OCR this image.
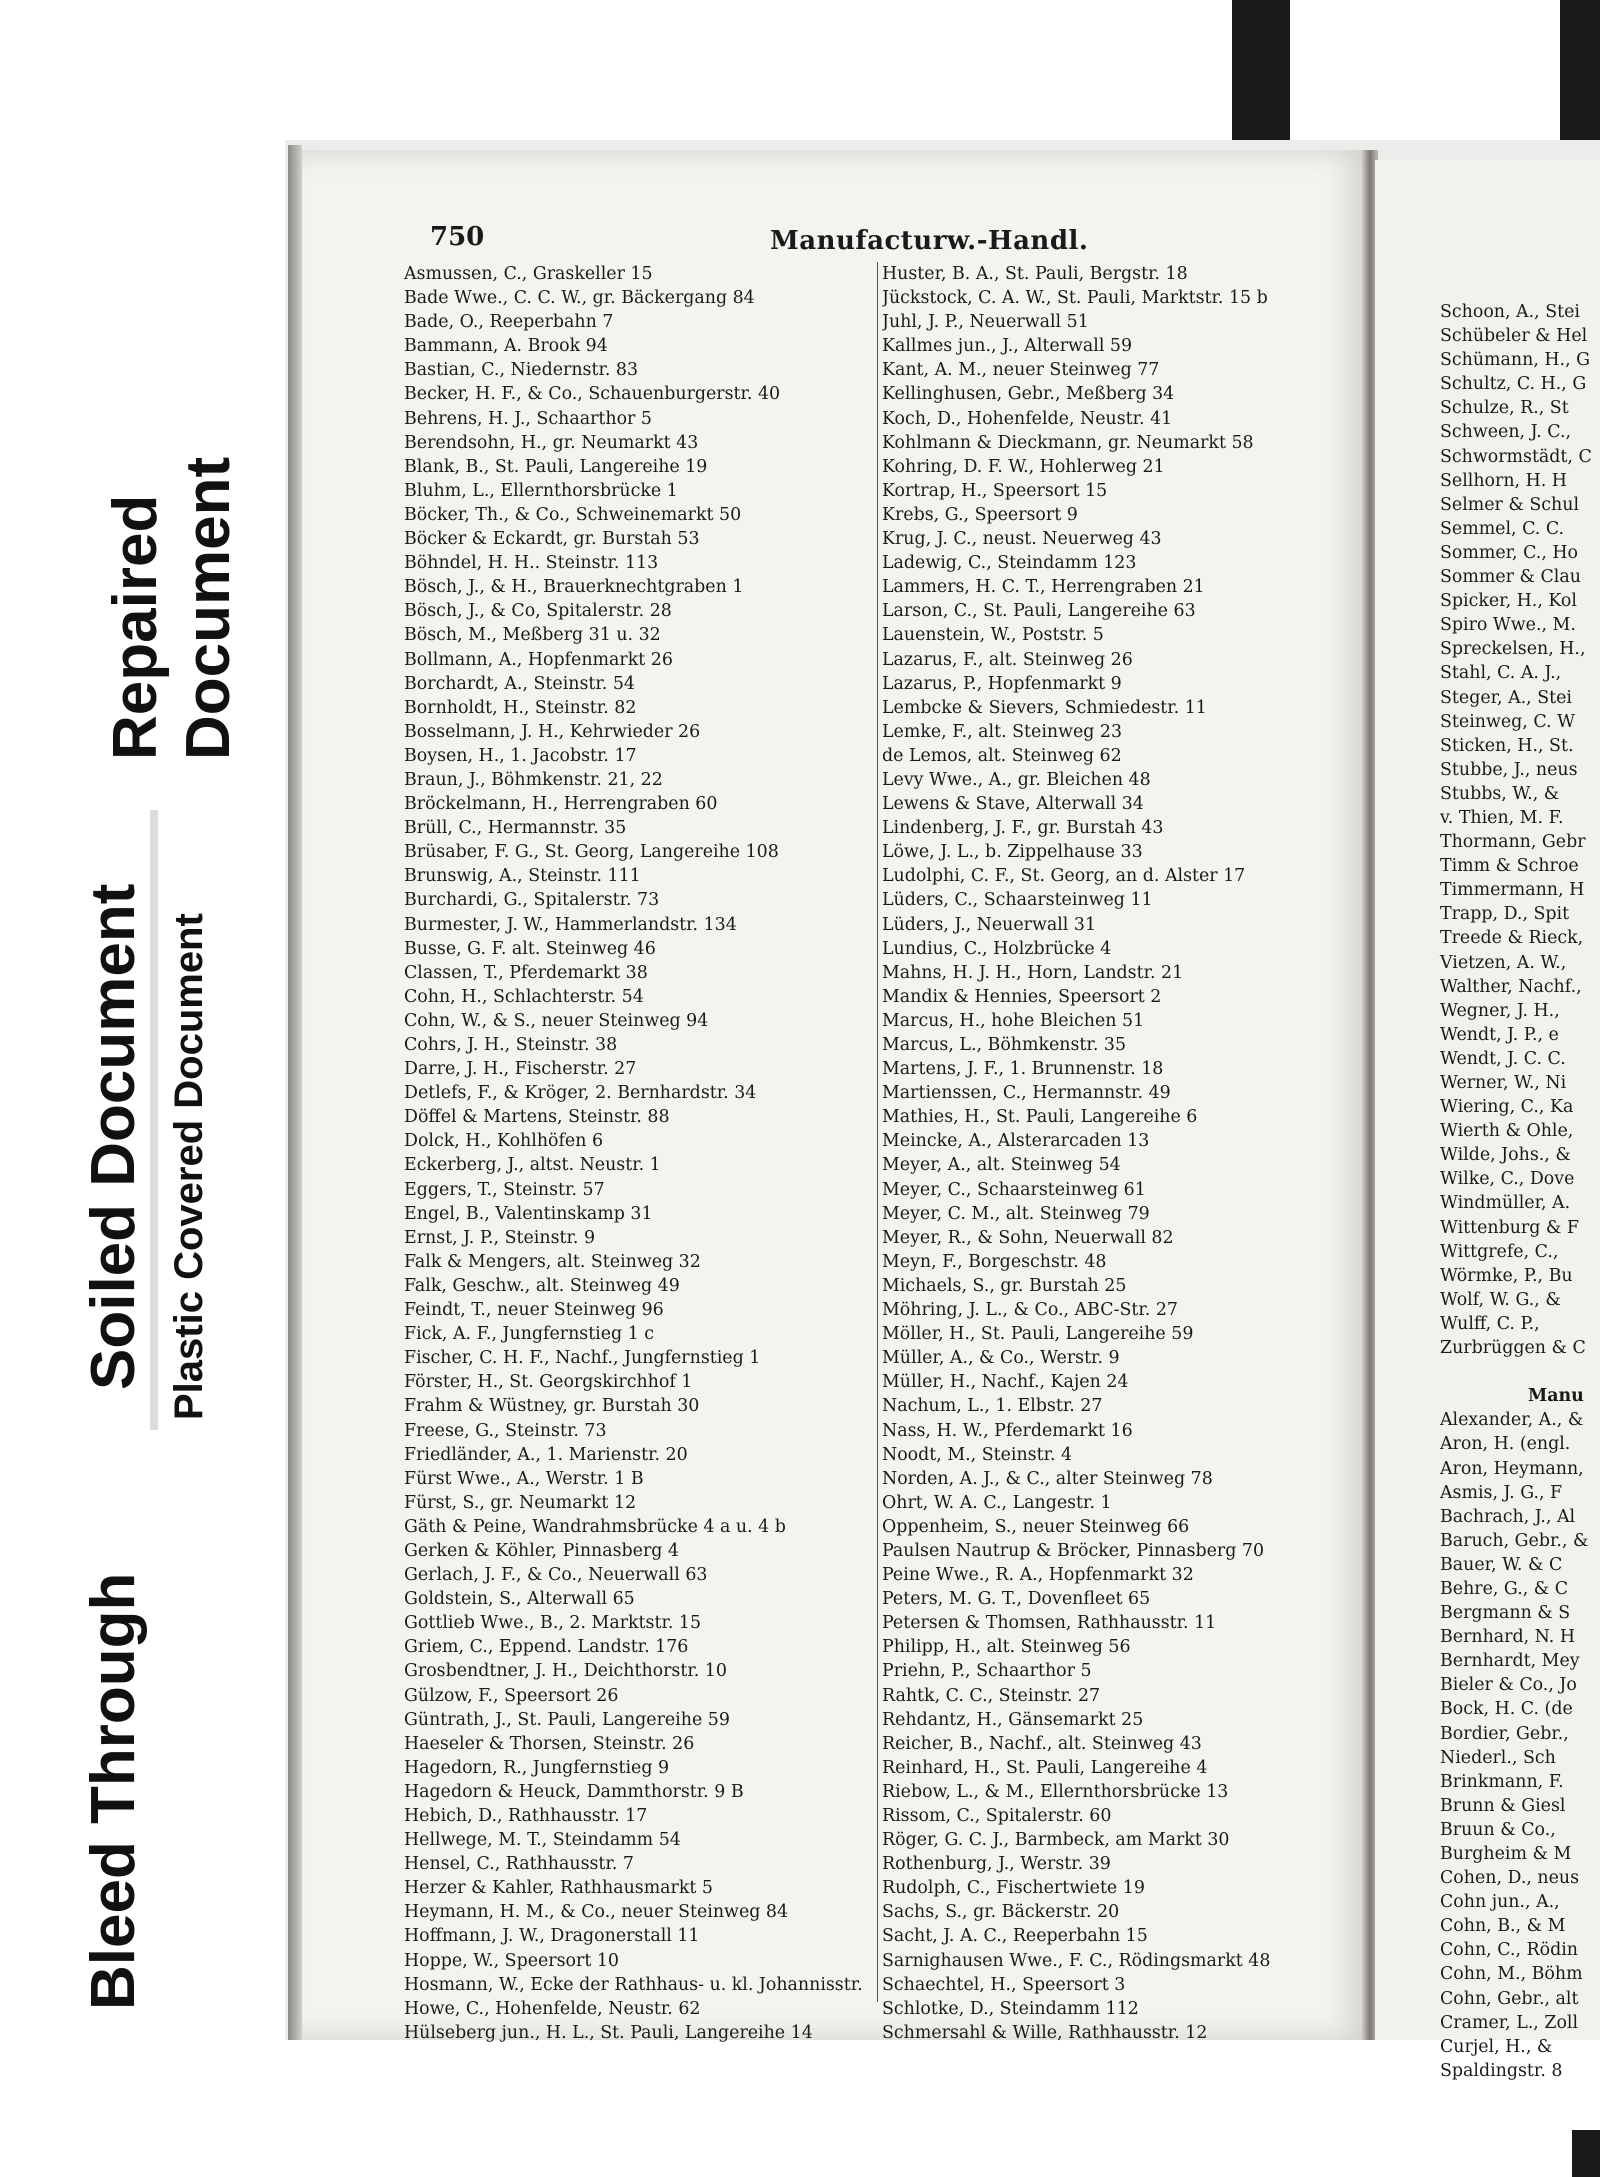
Bleed Through
Soiled Document Plastic Covered Document
Repaired Document
750	Manufacturw.-Handl.
Asmussen, C., Graskeller 15
Bade Wwe., C. C. W., gr. Bäckergang 84
Bade, O., Reeperbahn 7
Bammann, A. Brook 94
Bastian, C., Niedernstr. 83
Becker, H. F., & Co., Schauenburgerstr. 40
Behrens, H. J., Schaarthor 5
Berendsohn, H., gr. Neumarkt 43
Blank, B., St. Pauli, Langereihe 19
Bluhm, L., Ellernthorsbrücke 1
Böcker, Th., & Co., Schweinemarkt 50
Böcker & Eckardt, gr. Burstah 53
Böhndel, H. H.. Steinstr. 113
Bösch, J., & H., Brauerknechtgraben 1
Bösch, J., & Co, Spitalerstr. 28
Bösch, M., Meßberg 31 u. 32
Bollmann, A., Hopfenmarkt 26
Borchardt, A., Steinstr. 54
Bornholdt, H., Steinstr. 82
Bosselmann, J. H., Kehrwieder 26
Boysen, H., 1. Jacobstr. 17
Braun, J., Böhmkenstr. 21, 22
Bröckelmann, H., Herrengraben 60
Brüll, C., Hermannstr. 35
Brüsaber, F. G., St. Georg, Langereihe 108
Brunswig, A., Steinstr. 111
Burchardi, G., Spitalerstr. 73
Burmester, J. W., Hammerlandstr. 134
Busse, G. F. alt. Steinweg 46
Classen, T., Pferdemarkt 38
Cohn, H., Schlachterstr. 54
Cohn, W., & S., neuer Steinweg 94
Cohrs, J. H., Steinstr. 38
Darre, J. H., Fischerstr. 27
Detlefs, F., & Kröger, 2. Bernhardstr. 34
Döffel & Martens, Steinstr. 88
Dolck, H., Kohlhöfen 6
Eckerberg, J., altst. Neustr. 1
Eggers, T., Steinstr. 57
Engel, B., Valentinskamp 31
Ernst, J. P., Steinstr. 9
Falk & Mengers, alt. Steinweg 32
Falk, Geschw., alt. Steinweg 49
Feindt, T., neuer Steinweg 96
Fick, A. F., Jungfernstieg 1 c
Fischer, C. H. F., Nachf., Jungfernstieg 1
Förster, H., St. Georgskirchhof 1
Frahm & Wüstney, gr. Burstah 30
Freese, G., Steinstr. 73
Friedländer, A., 1. Marienstr. 20
Fürst Wwe., A., Werstr. 1 B
Fürst, S., gr. Neumarkt 12
Gäth & Peine, Wandrahmsbrücke 4 a u. 4 b
Gerken & Köhler, Pinnasberg 4
Gerlach, J. F., & Co., Neuerwall 63
Goldstein, S., Alterwall 65
Gottlieb Wwe., B., 2. Marktstr. 15
Griem, C., Eppend. Landstr. 176
Grosbendtner, J. H., Deichthorstr. 10
Gülzow, F., Speersort 26
Güntrath, J., St. Pauli, Langereihe 59
Haeseler & Thorsen, Steinstr. 26
Hagedorn, R., Jungfernstieg 9
Hagedorn & Heuck, Dammthorstr. 9 B
Hebich, D., Rathhausstr. 17
Hellwege, M. T., Steindamm 54
Hensel, C., Rathhausstr. 7
Herzer & Kahler, Rathhausmarkt 5
Heymann, H. M., & Co., neuer Steinweg 84
Hoffmann, J. W., Dragonerstall 11
Hoppe, W., Speersort 10
Hosmann, W., Ecke der Rathhaus- u. kl. Johannisstr.
Howe, C., Hohenfelde, Neustr. 62
Hülseberg jun., H. L., St. Pauli, Langereihe 14
Huster, B. A., St. Pauli, Bergstr. 18
Jückstock, C. A. W., St. Pauli, Marktstr. 15 b
Juhl, J. P., Neuerwall 51
Kallmes jun., J., Alterwall 59
Kant, A. M., neuer Steinweg 77
Kellinghusen, Gebr., Meßberg 34
Koch, D., Hohenfelde, Neustr. 41
Kohlmann & Dieckmann, gr. Neumarkt 58
Kohring, D. F. W., Hohlerweg 21
Kortrap, H., Speersort 15
Krebs, G., Speersort 9
Krug, J. C., neust. Neuerweg 43
Ladewig, C., Steindamm 123
Lammers, H. C. T., Herrengraben 21
Larson, C., St. Pauli, Langereihe 63
Lauenstein, W., Poststr. 5
Lazarus, F., alt. Steinweg 26
Lazarus, P., Hopfenmarkt 9
Lembcke & Sievers, Schmiedestr. 11
Lemke, F., alt. Steinweg 23
de Lemos, alt. Steinweg 62
Levy Wwe., A., gr. Bleichen 48
Lewens & Stave, Alterwall 34
Lindenberg, J. F., gr. Burstah 43
Löwe, J. L., b. Zippelhause 33
Ludolphi, C. F., St. Georg, an d. Alster 17
Lüders, C., Schaarsteinweg 11
Lüders, J., Neuerwall 31
Lundius, C., Holzbrücke 4
Mahns, H. J. H., Horn, Landstr. 21
Mandix & Hennies, Speersort 2
Marcus, H., hohe Bleichen 51
Marcus, L., Böhmkenstr. 35
Martens, J. F., 1. Brunnenstr. 18
Martienssen, C., Hermannstr. 49
Mathies, H., St. Pauli, Langereihe 6
Meincke, A., Alsterarcaden 13
Meyer, A., alt. Steinweg 54
Meyer, C., Schaarsteinweg 61
Meyer, C. M., alt. Steinweg 79
Meyer, R., & Sohn, Neuerwall 82
Meyn, F., Borgeschstr. 48
Michaels, S., gr. Burstah 25
Möhring, J. L., & Co., ABC-Str. 27
Möller, H., St. Pauli, Langereihe 59
Müller, A., & Co., Werstr. 9
Müller, H., Nachf., Kajen 24
Nachum, L., 1. Elbstr. 27
Nass, H. W., Pferdemarkt 16
Noodt, M., Steinstr. 4
Norden, A. J., & C., alter Steinweg 78
Ohrt, W. A. C., Langestr. 1
Oppenheim, S., neuer Steinweg 66
Paulsen Nautrup & Bröcker, Pinnasberg 70
Peine Wwe., R. A., Hopfenmarkt 32
Peters, M. G. T., Dovenfleet 65
Petersen & Thomsen, Rathhausstr. 11
Philipp, H., alt. Steinweg 56
Priehn, P., Schaarthor 5
Rahtk, C. C., Steinstr. 27
Rehdantz, H., Gänsemarkt 25
Reicher, B., Nachf., alt. Steinweg 43
Reinhard, H., St. Pauli, Langereihe 4
Riebow, L., & M., Ellernthorsbrücke 13
Rissom, C., Spitalerstr. 60
Röger, G. C. J., Barmbeck, am Markt 30
Rothenburg, J., Werstr. 39
Rudolph, C., Fischertwiete 19
Sachs, S., gr. Bäckerstr. 20
Sacht, J. A. C., Reeperbahn 15
Sarnighausen Wwe., F. C., Rödingsmarkt 48
Schaechtel, H., Speersort 3
Schlotke, D., Steindamm 112
Schmersahl & Wille, Rathhausstr. 12
Schoon, A., Stei
Schübeler & Hel
Schümann, H., G
Schultz, C. H., G
Schulze, R., St
Schween, J. C.,
Schwormstädt, C
Sellhorn, H. H
Selmer & Schul
Semmel, C. C.
Sommer, C., Ho
Sommer & Clau
Spicker, H., Kol
Spiro Wwe., M.
Spreckelsen, H.,
Stahl, C. A. J.,
Steger, A., Stei
Steinweg, C. W
Sticken, H., St.
Stubbe, J., neus
Stubbs, W., &
v. Thien, M. F.
Thormann, Gebr
Timm & Schroe
Timmermann, H
Trapp, D., Spit
Treede & Rieck,
Vietzen, A. W.,
Walther, Nachf.,
Wegner, J. H.,
Wendt, J. P., e
Wendt, J. C. C.
Werner, W., Ni
Wiering, C., Ka
Wierth & Ohle,
Wilde, Johs., &
Wilke, C., Dove
Windmüller, A.
Wittenburg & F
Wittgrefe, C.,
Wörmke, P., Bu
Wolf, W. G., &
Wulff, C. P.,
Zurbrüggen & C
Manu
Alexander, A., &
Aron, H. (engl.
Aron, Heymann,
Asmis, J. G., F
Bachrach, J., Al
Baruch, Gebr., &
Bauer, W. & C
Behre, G., & C
Bergmann & S
Bernhard, N. H
Bernhardt, Mey
Bieler & Co., Jo
Bock, H. C. (de
Bordier, Gebr.,
Niederl., Sch
Brinkmann, F.
Brunn & Giesl
Bruun & Co.,
Burgheim & M
Cohen, D., neus
Cohn jun., A.,
Cohn, B., & M
Cohn, C., Rödin
Cohn, M., Böhm
Cohn, Gebr., alt
Cramer, L., Zoll
Curjel, H., &
Spaldingstr. 8
